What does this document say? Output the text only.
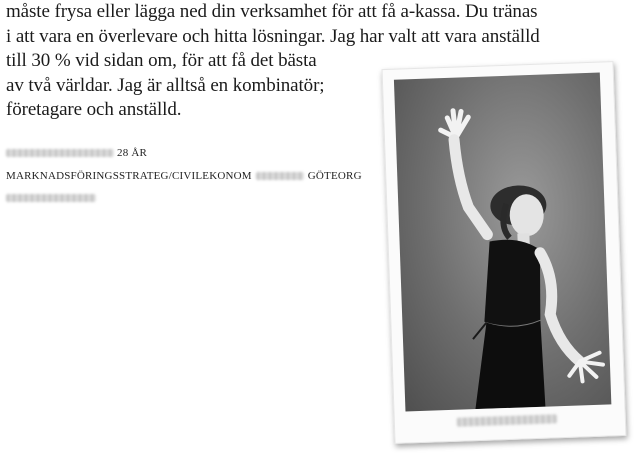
måste frysa eller lägga ned din verksamhet för att få a-kassa. Du tränas
i att vara en överlevare och hitta lösningar. Jag har valt att vara anställd
till 30 % vid sidan om, för att få det bästa
av två världar. Jag är alltså en kombinatör;
företagare och anställd.

28 ÅR
MARKNADSFÖRINGSSTRATEG/CIVILEKONOM	GÖTEORG
